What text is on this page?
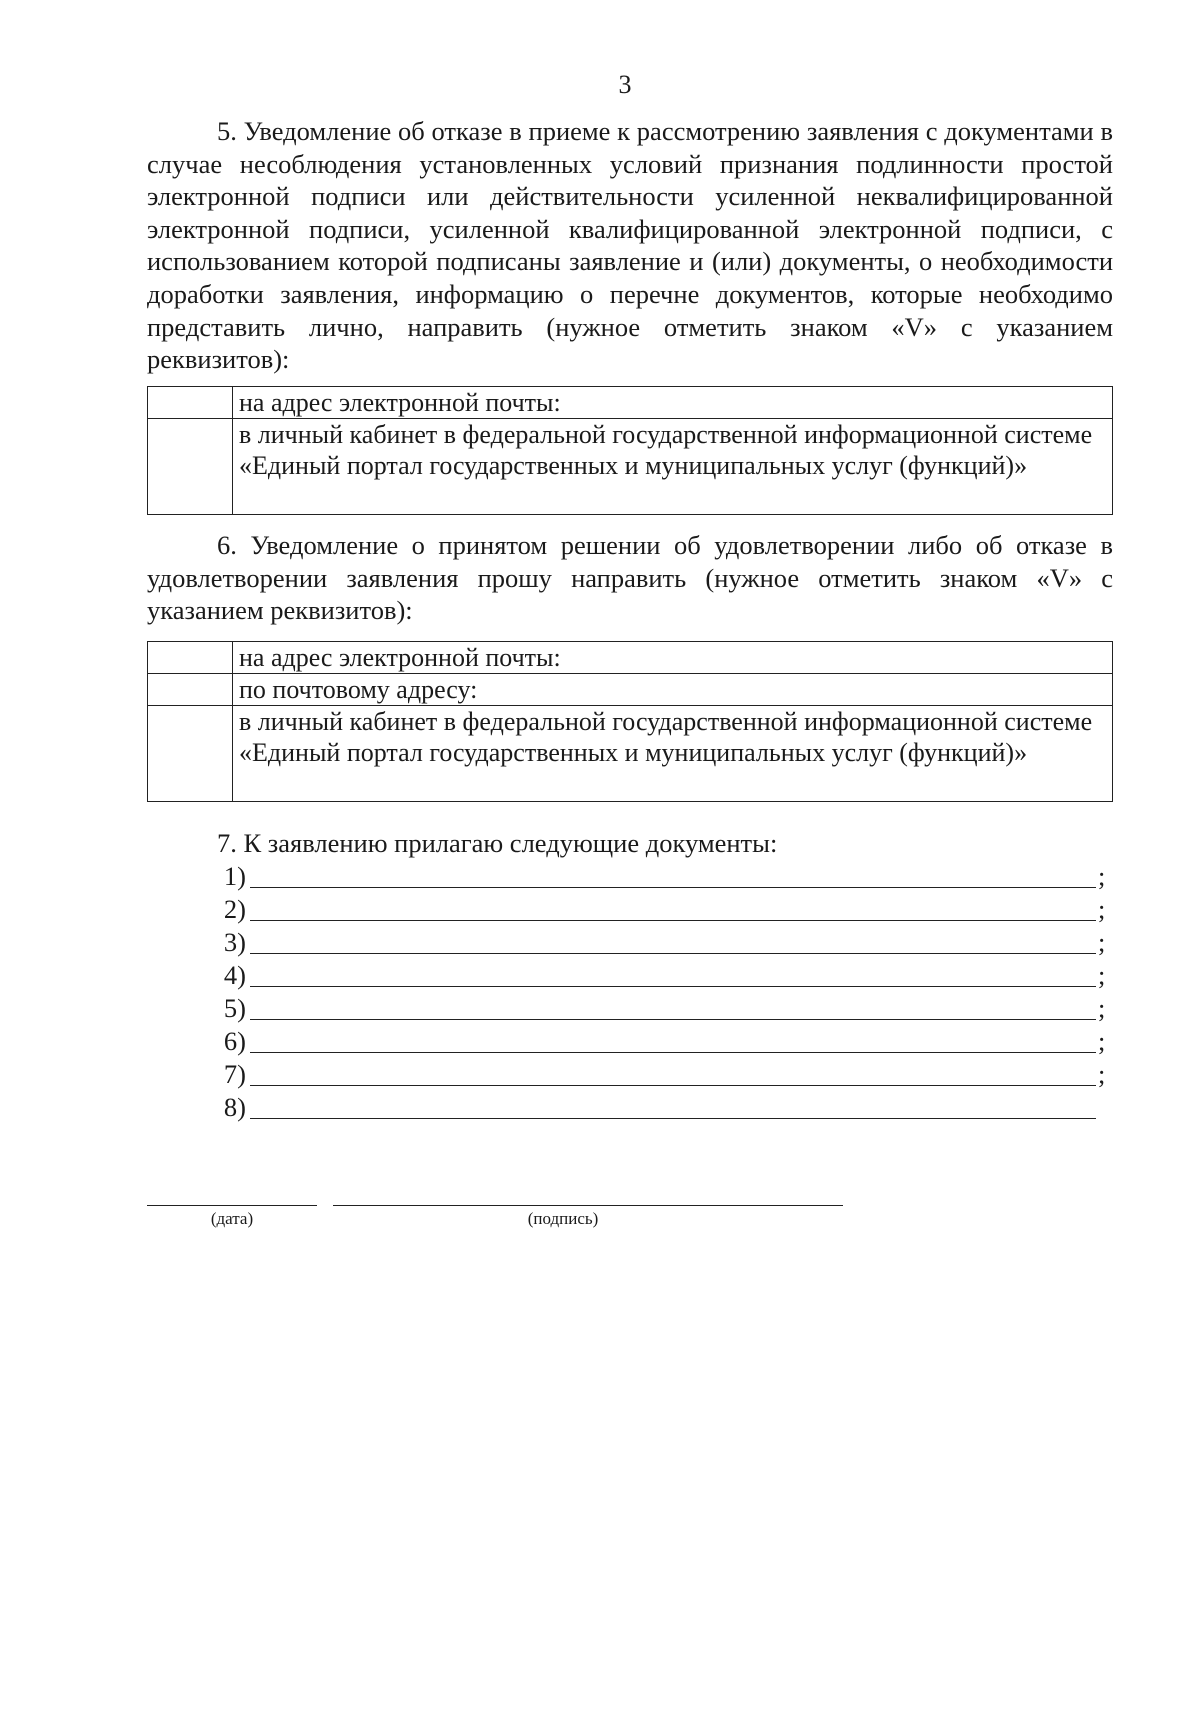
3

5. Уведомление об отказе в приеме к рассмотрению заявления с документами в случае несоблюдения установленных условий признания подлинности простой электронной подписи или действительности усиленной неквалифицированной электронной подписи, усиленной квалифицированной электронной подписи, с использованием которой подписаны заявление и (или) документы, о необходимости доработки заявления, информацию о перечне документов, которые необходимо представить лично, направить (нужное отметить знаком «V» с указанием реквизитов):

	на адрес электронной почты:
	в личный кабинет в федеральной государственной информационной системе «Единый портал государственных и муниципальных услуг (функций)»

6. Уведомление о принятом решении об удовлетворении либо об отказе в удовлетворении заявления прошу направить (нужное отметить знаком «V» с указанием реквизитов):

	на адрес электронной почты:
	по почтовому адресу:
	в личный кабинет в федеральной государственной информационной системе «Единый портал государственных и муниципальных услуг (функций)»
7. К заявлению прилагаю следующие документы:
1)	;
2)	;
3)	;
4)	;
5)	;
6)	;
7)	;
8)
(дата)	(подпись)
